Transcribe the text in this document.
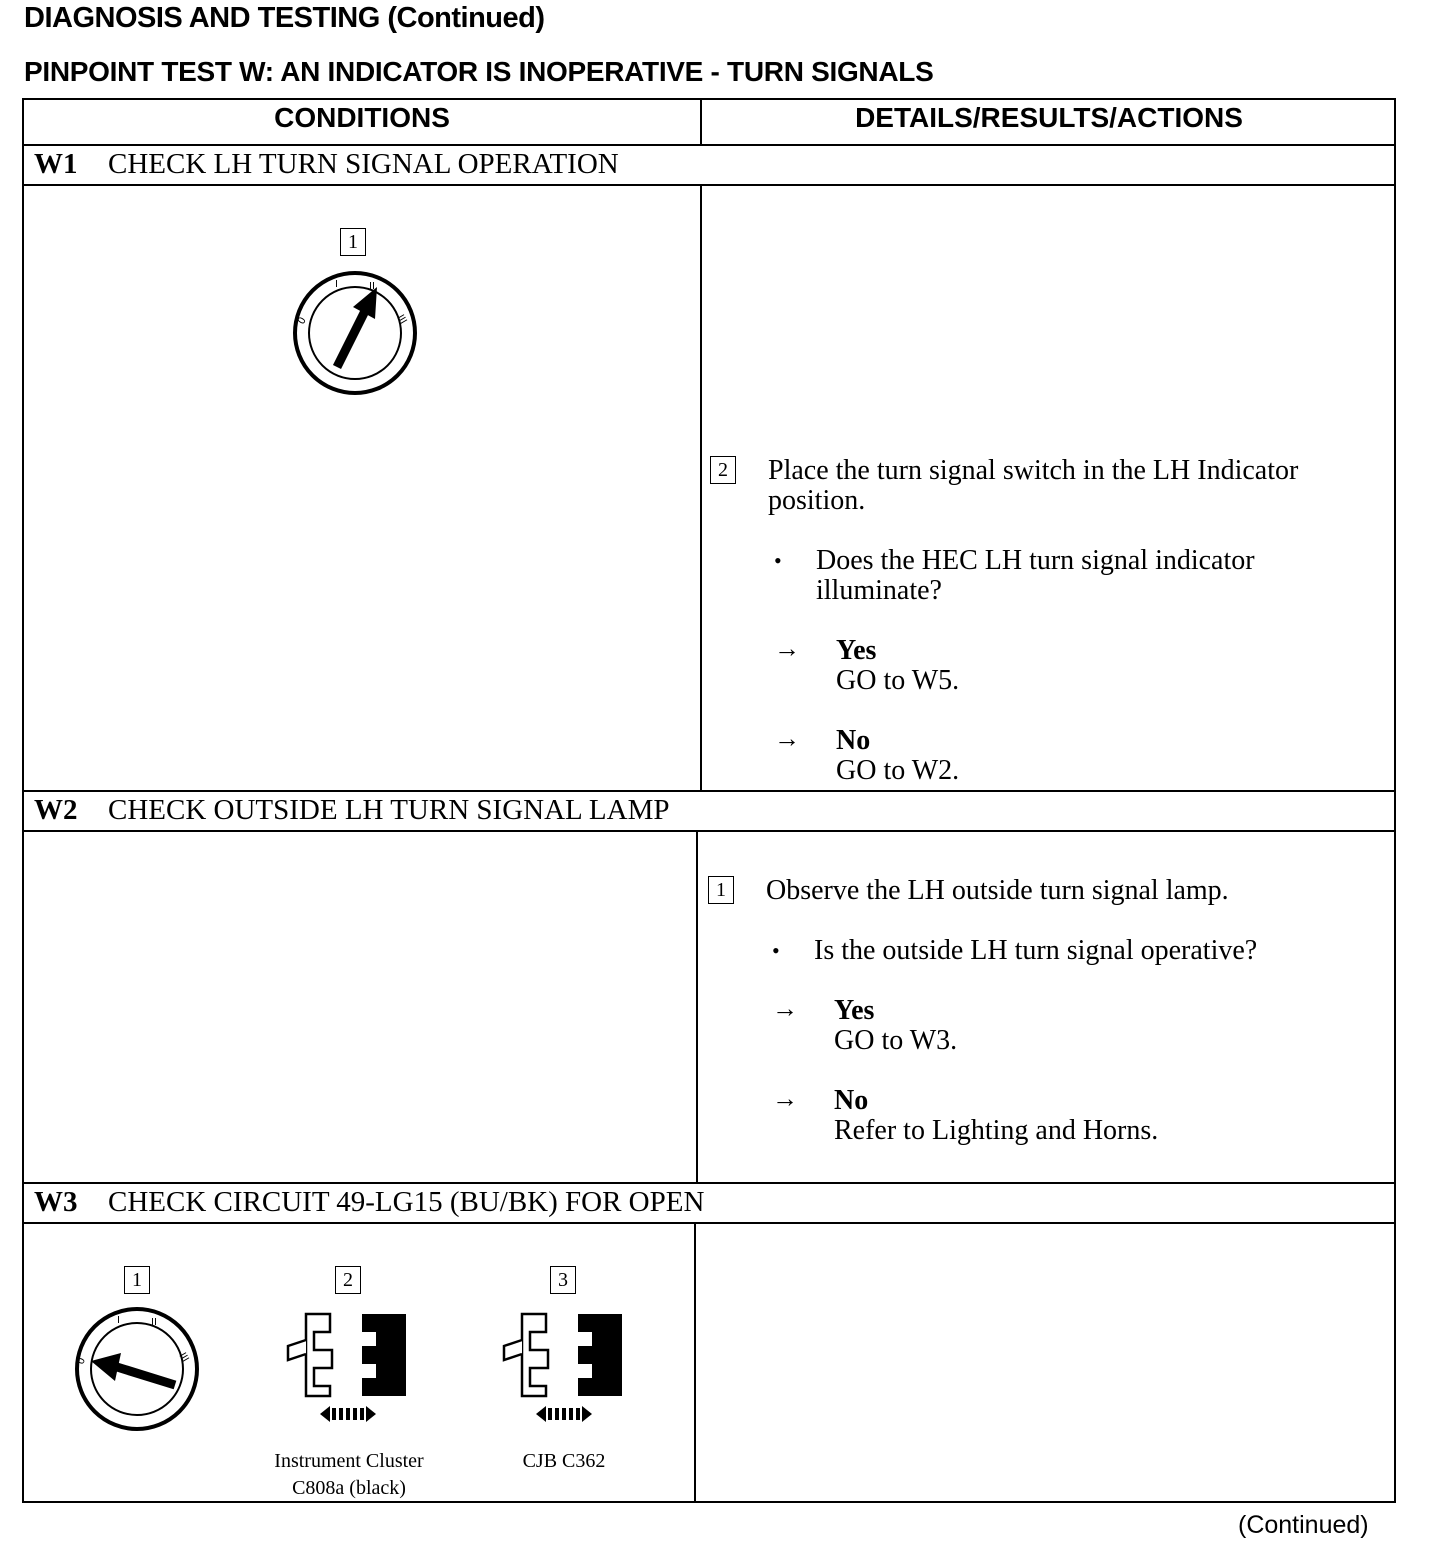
DIAGNOSIS AND TESTING (Continued)
PINPOINT TEST W: AN INDICATOR IS INOPERATIVE - TURN SIGNALS
CONDITIONS	DETAILS/RESULTS/ACTIONS
W1 CHECK LH TURN SIGNAL OPERATION
1
0
I	II
III
2 Place the turn signal switch in the LH Indicator position.
• Does the HEC LH turn signal indicator illuminate?
→ Yes
GO to W5.
→ No
GO to W2.
W2 CHECK OUTSIDE LH TURN SIGNAL LAMP
1 Observe the LH outside turn signal lamp.
• Is the outside LH turn signal operative?
→ Yes
GO to W3.
→ No
Refer to Lighting and Horns.
W3 CHECK CIRCUIT 49-LG15 (BU/BK) FOR OPEN
1
0
I	II
III
2
Instrument Cluster
C808a (black)
3
CJB C362
(Continued)
